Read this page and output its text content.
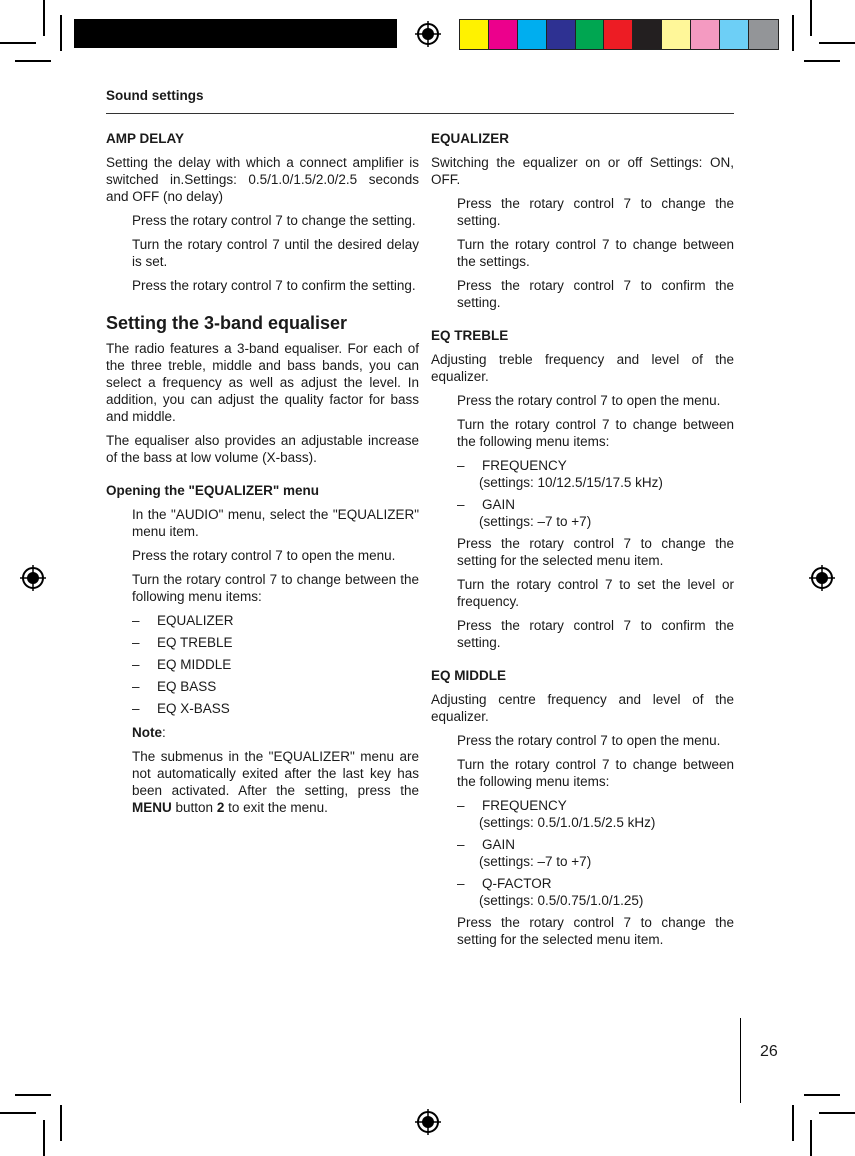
Sound settings

AMP DELAY

Setting the delay with which a connect amplifier is switched in.Settings: 0.5/1.0/1.5/2.0/2.5 seconds and OFF (no delay)

Press the rotary control 7 to change the setting.

Turn the rotary control 7 until the desired delay is set.

Press the rotary control 7 to confirm the setting.

Setting the 3-band equaliser

The radio features a 3-band equaliser. For each of the three treble, middle and bass bands, you can select a frequency as well as adjust the level. In addition, you can adjust the quality factor for bass and middle.

The equaliser also provides an adjustable increase of the bass at low volume (X-bass).

Opening the "EQUALIZER" menu

In the "AUDIO" menu, select the "EQUALIZER" menu item.

Press the rotary control 7 to open the menu.

Turn the rotary control 7 to change between the following menu items:

–	EQUALIZER
–	EQ TREBLE
–	EQ MIDDLE
–	EQ BASS
–	EQ X-BASS

Note:

The submenus in the "EQUALIZER" menu are not automatically exited after the last key has been activated. After the setting, press the MENU button 2 to exit the menu.

EQUALIZER

Switching the equalizer on or off Settings: ON, OFF.

Press the rotary control 7 to change the setting.

Turn the rotary control 7 to change between the settings.

Press the rotary control 7 to confirm the setting.

EQ TREBLE

Adjusting treble frequency and level of the equalizer.

Press the rotary control 7 to open the menu.

Turn the rotary control 7 to change between the following menu items:

–	FREQUENCY

(settings: 10/12.5/15/17.5 kHz)

–	GAIN

(settings: –7 to +7)

Press the rotary control 7 to change the setting for the selected menu item.

Turn the rotary control 7 to set the level or frequency.

Press the rotary control 7 to confirm the setting.

EQ MIDDLE

Adjusting centre frequency and level of the equalizer.

Press the rotary control 7 to open the menu.

Turn the rotary control 7 to change between the following menu items:

–	FREQUENCY

(settings: 0.5/1.0/1.5/2.5 kHz)

–	GAIN

(settings: –7 to +7)

–	Q-FACTOR

(settings: 0.5/0.75/1.0/1.25)

Press the rotary control 7 to change the setting for the selected menu item.

26
